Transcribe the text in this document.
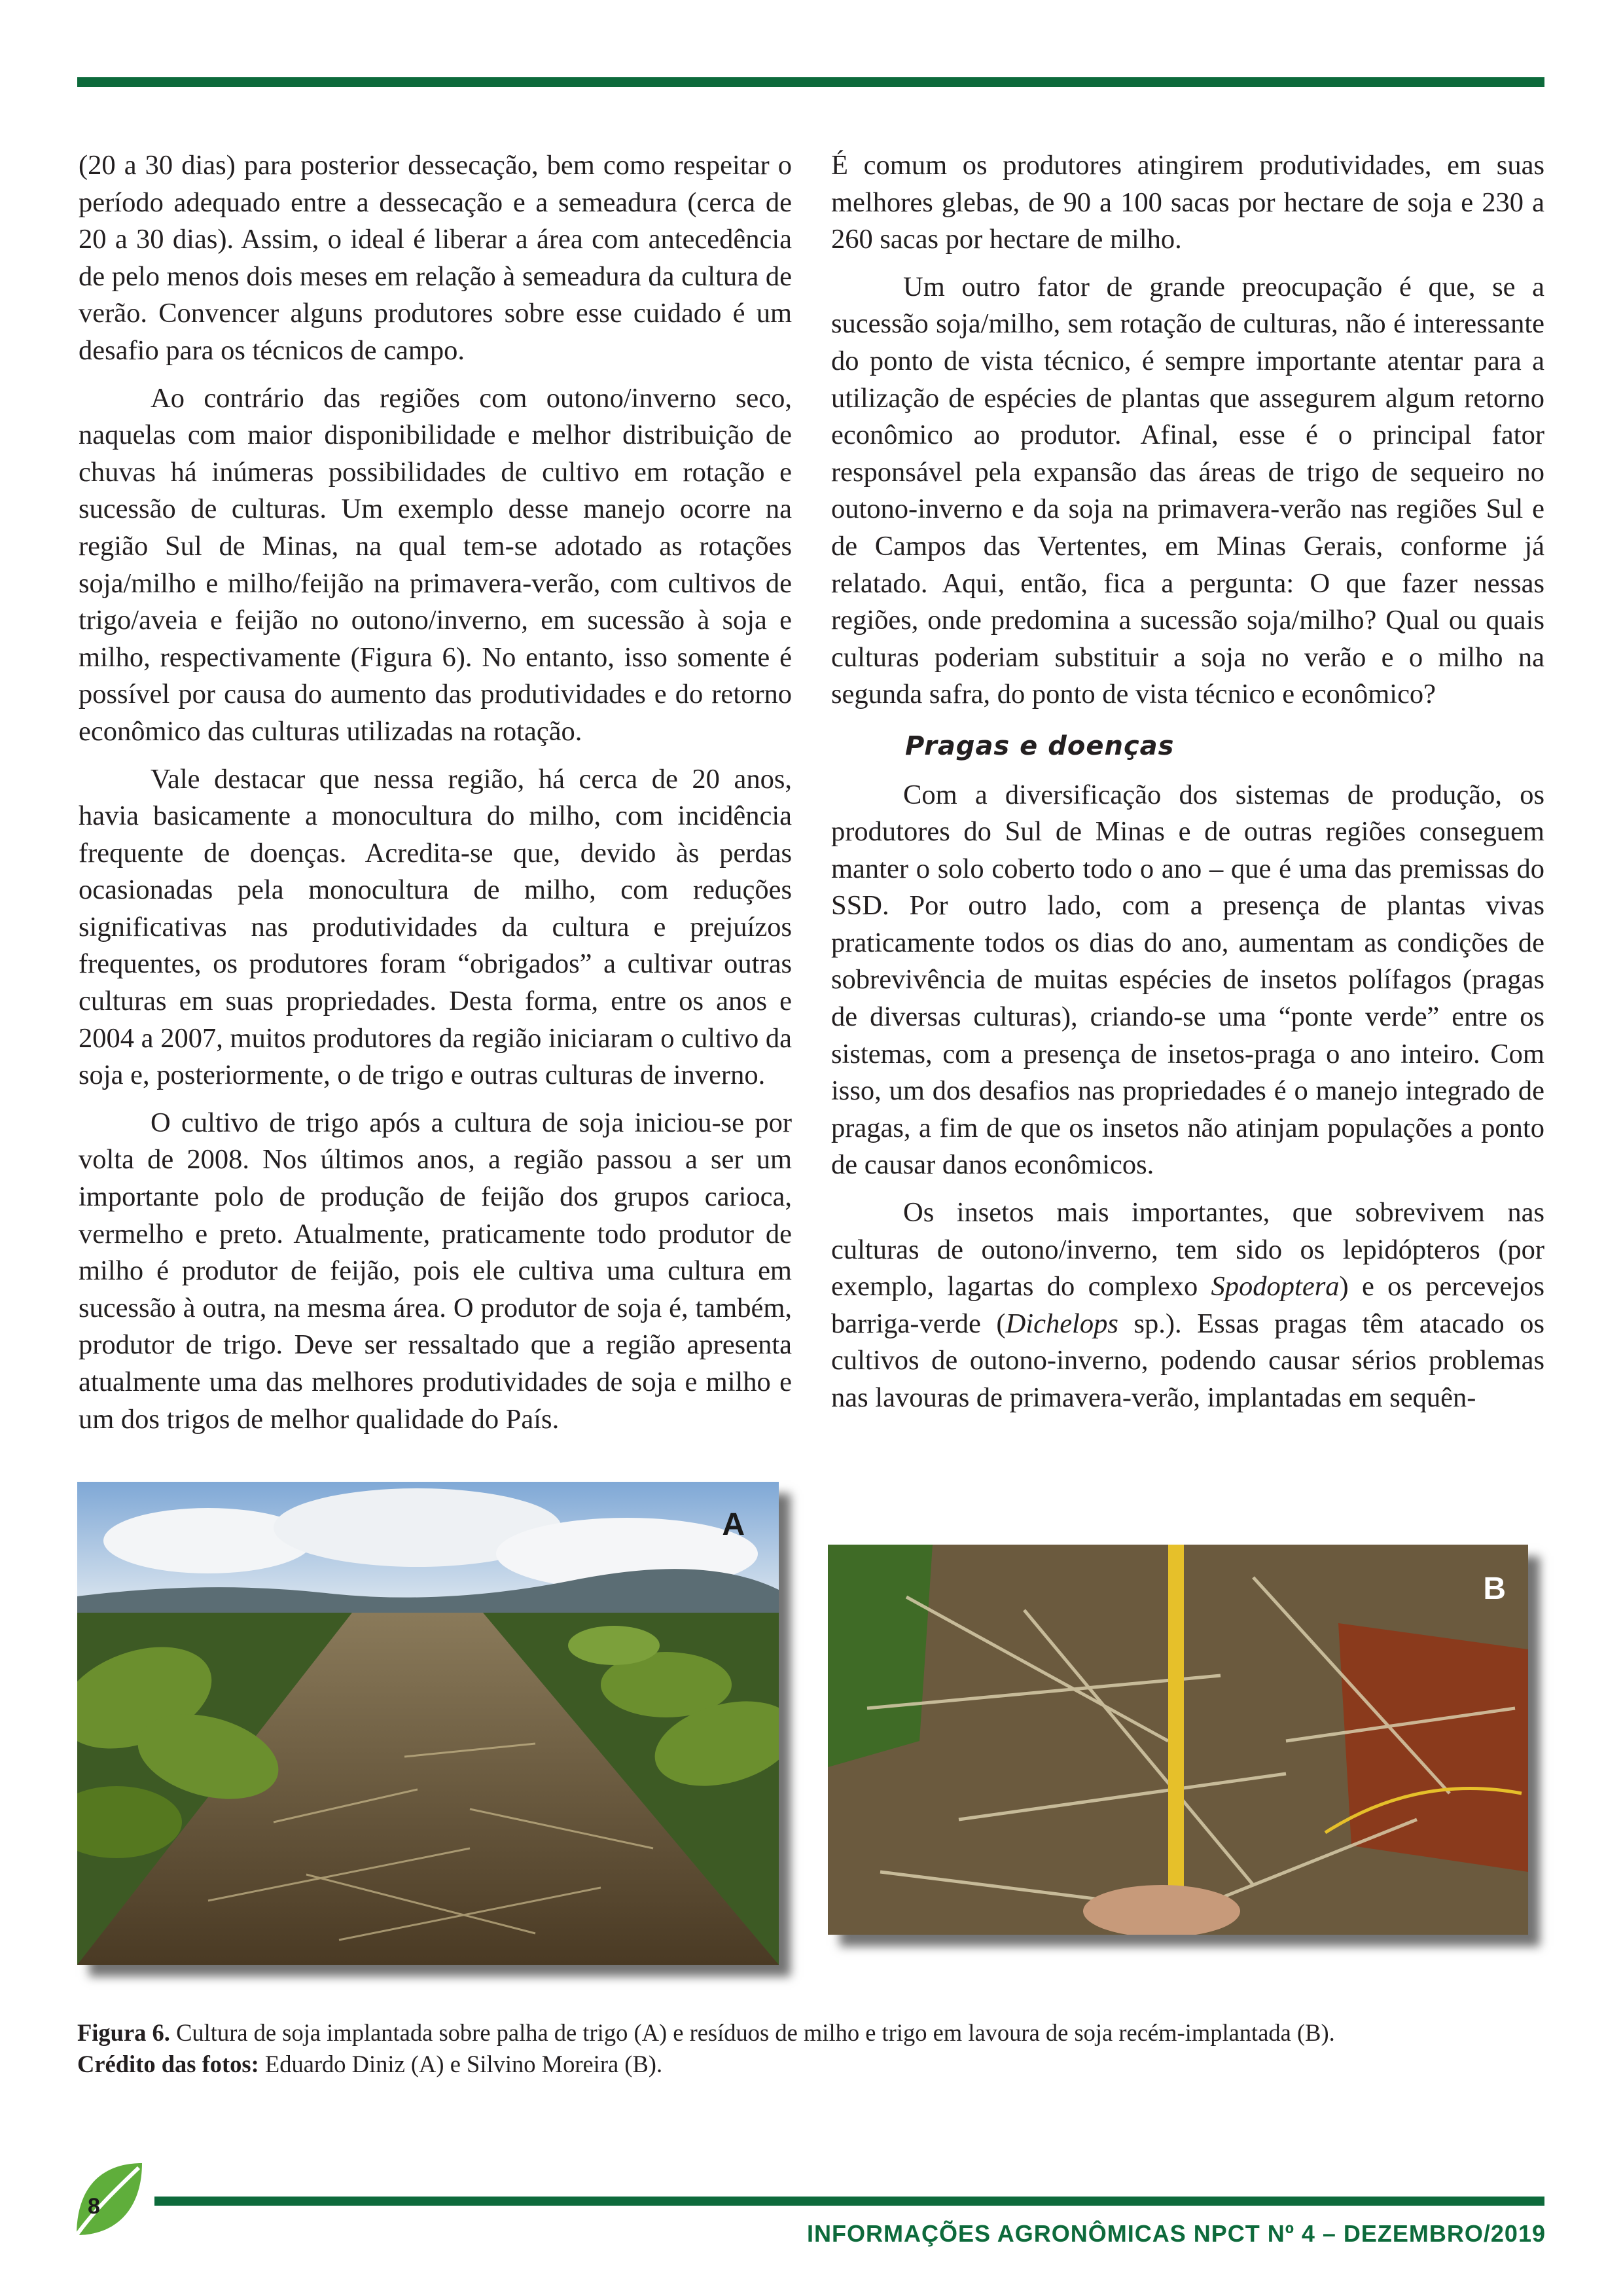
(20 a 30 dias) para posterior dessecação, bem como respeitar o período adequado entre a dessecação e a semeadura (cerca de 20 a 30 dias). Assim, o ideal é liberar a área com antecedência de pelo menos dois meses em relação à semeadura da cultura de verão. Convencer alguns produtores sobre esse cuidado é um desafio para os técnicos de campo.

Ao contrário das regiões com outono/inverno seco, naquelas com maior disponibilidade e melhor distribuição de chuvas há inúmeras possibilidades de cultivo em rotação e sucessão de culturas. Um exemplo desse manejo ocorre na região Sul de Minas, na qual tem-se adotado as rotações soja/milho e milho/feijão na primavera-verão, com cultivos de trigo/aveia e feijão no outono/inverno, em sucessão à soja e milho, respectivamente (Figura 6). No entanto, isso somente é possível por causa do aumento das produtividades e do retorno econômico das culturas utilizadas na rotação.

Vale destacar que nessa região, há cerca de 20 anos, havia basicamente a monocultura do milho, com incidência frequente de doenças. Acredita-se que, devido às perdas ocasionadas pela monocultura de milho, com reduções significativas nas produtividades da cultura e prejuízos frequentes, os produtores foram “obrigados” a cultivar outras culturas em suas propriedades. Desta forma, entre os anos e 2004 a 2007, muitos produtores da região iniciaram o cultivo da soja e, posteriormente, o de trigo e outras culturas de inverno.

O cultivo de trigo após a cultura de soja iniciou-se por volta de 2008. Nos últimos anos, a região passou a ser um importante polo de produção de feijão dos grupos carioca, vermelho e preto. Atualmente, praticamente todo produtor de milho é produtor de feijão, pois ele cultiva uma cultura em sucessão à outra, na mesma área. O produtor de soja é, também, produtor de trigo. Deve ser ressaltado que a região apresenta atualmente uma das melhores produtividades de soja e milho e um dos trigos de melhor qualidade do País.

É comum os produtores atingirem produtividades, em suas melhores glebas, de 90 a 100 sacas por hectare de soja e 230 a 260 sacas por hectare de milho.

Um outro fator de grande preocupação é que, se a sucessão soja/milho, sem rotação de culturas, não é interessante do ponto de vista técnico, é sempre importante atentar para a utilização de espécies de plantas que assegurem algum retorno econômico ao produtor. Afinal, esse é o principal fator responsável pela expansão das áreas de trigo de sequeiro no outono-inverno e da soja na primavera-verão nas regiões Sul e de Campos das Vertentes, em Minas Gerais, conforme já relatado. Aqui, então, fica a pergunta: O que fazer nessas regiões, onde predomina a sucessão soja/milho? Qual ou quais culturas poderiam substituir a soja no verão e o milho na segunda safra, do ponto de vista técnico e econômico?

Pragas e doenças

Com a diversificação dos sistemas de produção, os produtores do Sul de Minas e de outras regiões conseguem manter o solo coberto todo o ano – que é uma das premissas do SSD. Por outro lado, com a presença de plantas vivas praticamente todos os dias do ano, aumentam as condições de sobrevivência de muitas espécies de insetos polífagos (pragas de diversas culturas), criando-se uma “ponte verde” entre os sistemas, com a presença de insetos-praga o ano inteiro. Com isso, um dos desafios nas propriedades é o manejo integrado de pragas, a fim de que os insetos não atinjam populações a ponto de causar danos econômicos.

Os insetos mais importantes, que sobrevivem nas culturas de outono/inverno, tem sido os lepidópteros (por exemplo, lagartas do complexo Spodoptera) e os percevejos barriga-verde (Dichelops sp.). Essas pragas têm atacado os cultivos de outono-inverno, podendo causar sérios problemas nas lavouras de primavera-verão, implantadas em sequên-

A
B
Figura 6. Cultura de soja implantada sobre palha de trigo (A) e resíduos de milho e trigo em lavoura de soja recém-implantada (B).
Crédito das fotos: Eduardo Diniz (A) e Silvino Moreira (B).
8
INFORMAÇÕES AGRONÔMICAS NPCT Nº 4 – DEZEMBRO/2019
